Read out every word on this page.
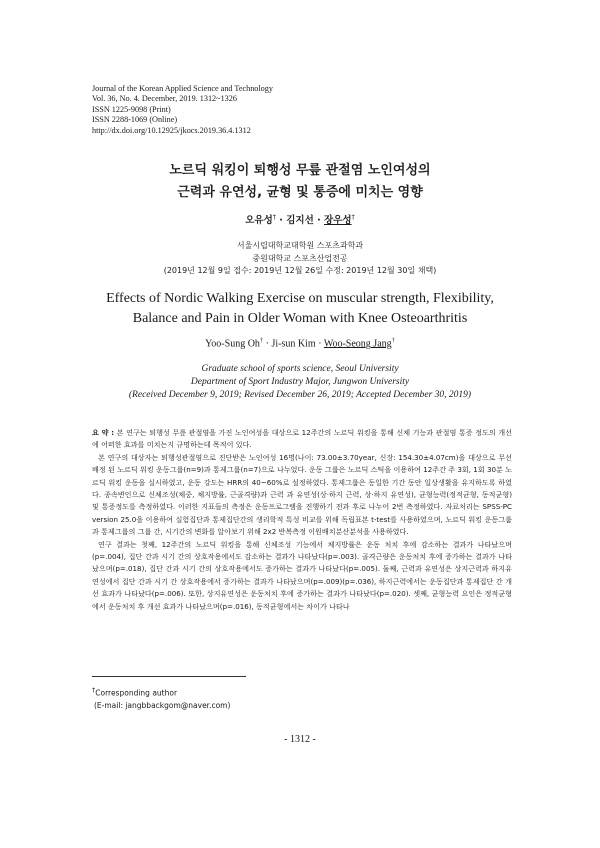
Journal of the Korean Applied Science and Technology
Vol. 36, No. 4. December, 2019. 1312~1326
ISSN 1225-9098 (Print)
ISSN 2288-1069 (Online)
http://dx.doi.org/10.12925/jkocs.2019.36.4.1312
노르딕 워킹이 퇴행성 무릎 관절염 노인여성의
근력과 유연성, 균형 및 통증에 미치는 영향
오유성† · 김지선 · 장우성†
서울시립대학교대학원 스포츠과학과
중원대학교 스포츠산업전공
(2019년 12월 9일 접수: 2019년 12월 26일 수정: 2019년 12월 30일 채택)
Effects of Nordic Walking Exercise on muscular strength, Flexibility,
Balance and Pain in Older Woman with Knee Osteoarthritis
Yoo-Sung Oh† · Ji-sun Kim · Woo-Seong Jang†
Graduate school of sports science, Seoul University
Department of Sport Industry Major, Jungwon University
(Received December 9, 2019; Revised December 26, 2019; Accepted December 30, 2019)

요 약 : 본 연구는 퇴행성 무릎 관절염을 가진 노인여성을 대상으로 12주간의 노르딕 워킹을 통해 신체 기능과 관절염 통증 정도의 개선에 어떠한 효과를 미치는지 규명하는데 목적이 있다.

본 연구의 대상자는 퇴행성관절염으로 진단받은 노인여성 16명(나이: 73.00±3.70year, 신장: 154.30±4.07cm)을 대상으로 무선배정 된 노르딕 워킹 운동그룹(n=9)과 통제그룹(n=7)으로 나누었다. 운동 그룹은 노르딕 스틱을 이용하여 12주간 주 3회, 1회 30분 노르딕 워킹 운동을 실시하였고, 운동 강도는 HRR의 40~60%로 설정하였다. 통제그룹은 동일한 기간 동안 일상생활을 유지하도록 하였다. 종속변인으로 신체조성(체중, 체지방률, 근골격량)과 근력 과 유연성(상·하지 근력, 상·하지 유연성), 균형능력(정적균형, 동적균형) 및 통증정도를 측정하였다. 이러한 지표들의 측정은 운동프로그램을 진행하기 전과 후로 나누어 2번 측정하였다. 자료처리는 SPSS-PC version 25.0을 이용하여 실험집단과 통제집단간의 생리학적 특성 비교를 위해 독립표본 t-test를 사용하였으며, 노르딕 워킹 운동그룹과 통제그룹의 그룹 간, 시기간의 변화를 알아보기 위해 2x2 반복측정 이원배치분산분석을 사용하였다.

연구 결과는 첫째, 12주간의 노르딕 워킹을 통해 신체조성 기능에서 체지방률은 운동 처치 후에 감소하는 결과가 나타났으며(p=.004), 집단 간과 시기 간의 상호작용에서도 감소하는 결과가 나타났다(p=.003). 골격근량은 운동처치 후에 증가하는 결과가 나타났으며(p=.018), 집단 간과 시기 간의 상호작용에서도 증가하는 결과가 나타났다(p=.005). 둘째, 근력과 유연성은 상지근력과 하지유연성에서 집단 간과 시기 간 상호작용에서 증가하는 결과가 나타났으며(p=.009)(p=.036), 하지근력에서는 운동집단과 통제집단 간 개선 효과가 나타났다(p=.006). 또한, 상지유연성은 운동처치 후에 증가하는 결과가 나타났다(p=.020). 셋째, 균형능력 요인은 정적균형에서 운동처치 후 개선 효과가 나타났으며(p=.016), 동적균형에서는 차이가 나타나

†Corresponding author
(E-mail: jangbbackgom@naver.com)
- 1312 -
